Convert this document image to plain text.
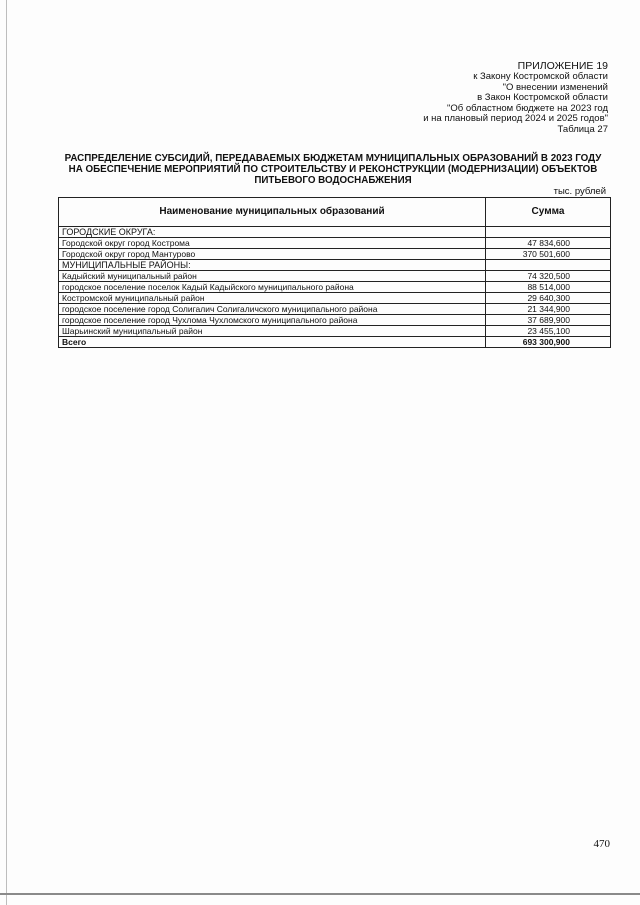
ПРИЛОЖЕНИЕ 19
к Закону Костромской области
"О внесении изменений
в Закон Костромской области
"Об областном бюджете на 2023 год
и на плановый период 2024 и 2025 годов"
Таблица 27
РАСПРЕДЕЛЕНИЕ СУБСИДИЙ, ПЕРЕДАВАЕМЫХ БЮДЖЕТАМ МУНИЦИПАЛЬНЫХ ОБРАЗОВАНИЙ В 2023 ГОДУ
НА ОБЕСПЕЧЕНИЕ МЕРОПРИЯТИЙ ПО СТРОИТЕЛЬСТВУ И РЕКОНСТРУКЦИИ (МОДЕРНИЗАЦИИ) ОБЪЕКТОВ
ПИТЬЕВОГО ВОДОСНАБЖЕНИЯ
тыс. рублей
Наименование муниципальных образований	Сумма
ГОРОДСКИЕ ОКРУГА:	
Городской округ город Кострома	47 834,600
Городской округ город Мантурово	370 501,600
МУНИЦИПАЛЬНЫЕ РАЙОНЫ:	
Кадыйский муниципальный район	74 320,500
городское поселение поселок Кадый Кадыйского муниципального района	88 514,000
Костромской муниципальный район	29 640,300
городское поселение город Солигалич Солигаличского муниципального района	21 344,900
городское поселение город Чухлома Чухломского муниципального района	37 689,900
Шарьинский муниципальный район	23 455,100
Всего	693 300,900
470
